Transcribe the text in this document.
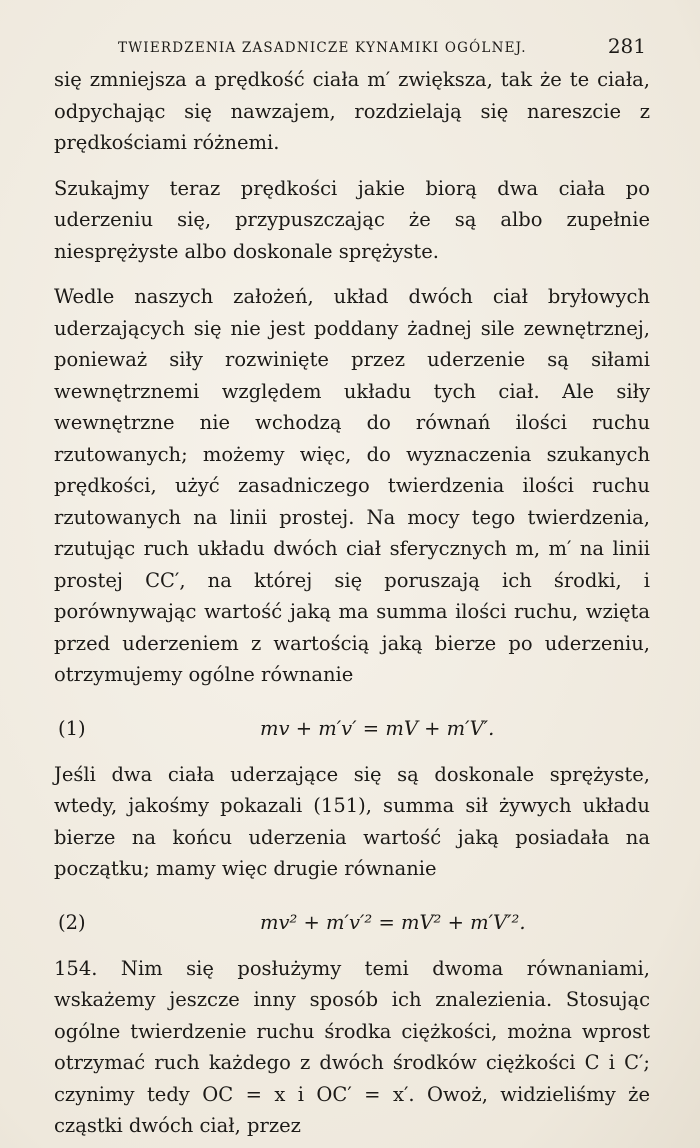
TWIERDZENIA ZASADNICZE KYNAMIKI OGÓLNEJ.	281

się zmniejsza a prędkość ciała m′ zwiększa, tak że te ciała, odpychając się nawzajem, rozdzielają się nareszcie z prędkościami różnemi.

Szukajmy teraz prędkości jakie biorą dwa ciała po uderzeniu się, przypuszczając że są albo zupełnie niesprężyste albo doskonale sprężyste.

Wedle naszych założeń, układ dwóch ciał bryłowych uderzających się nie jest poddany żadnej sile zewnętrznej, ponieważ siły rozwinięte przez uderzenie są siłami wewnętrznemi względem układu tych ciał. Ale siły wewnętrzne nie wchodzą do równań ilości ruchu rzutowanych; możemy więc, do wyznaczenia szukanych prędkości, użyć zasadniczego twierdzenia ilości ruchu rzutowanych na linii prostej. Na mocy tego twierdzenia, rzutując ruch układu dwóch ciał sferycznych m, m′ na linii prostej CC′, na której się poruszają ich środki, i porównywając wartość jaką ma summa ilości ruchu, wzięta przed uderzeniem z wartością jaką bierze po uderzeniu, otrzymujemy ogólne równanie

(1)	mv + m′v′ = mV + m′V′.

Jeśli dwa ciała uderzające się są doskonale sprężyste, wtedy, jakośmy pokazali (151), summa sił żywych układu bierze na końcu uderzenia wartość jaką posiadała na początku; mamy więc drugie równanie

(2)	mv² + m′v′² = mV² + m′V′².

154. Nim się posłużymy temi dwoma równaniami, wskażemy jeszcze inny sposób ich znalezienia. Stosując ogólne twierdzenie ruchu środka ciężkości, można wprost otrzymać ruch każdego z dwóch środków ciężkości C i C′; czynimy tedy OC = x i OC′ = x′. Owoż, widzieliśmy że cząstki dwóch ciał, przez
